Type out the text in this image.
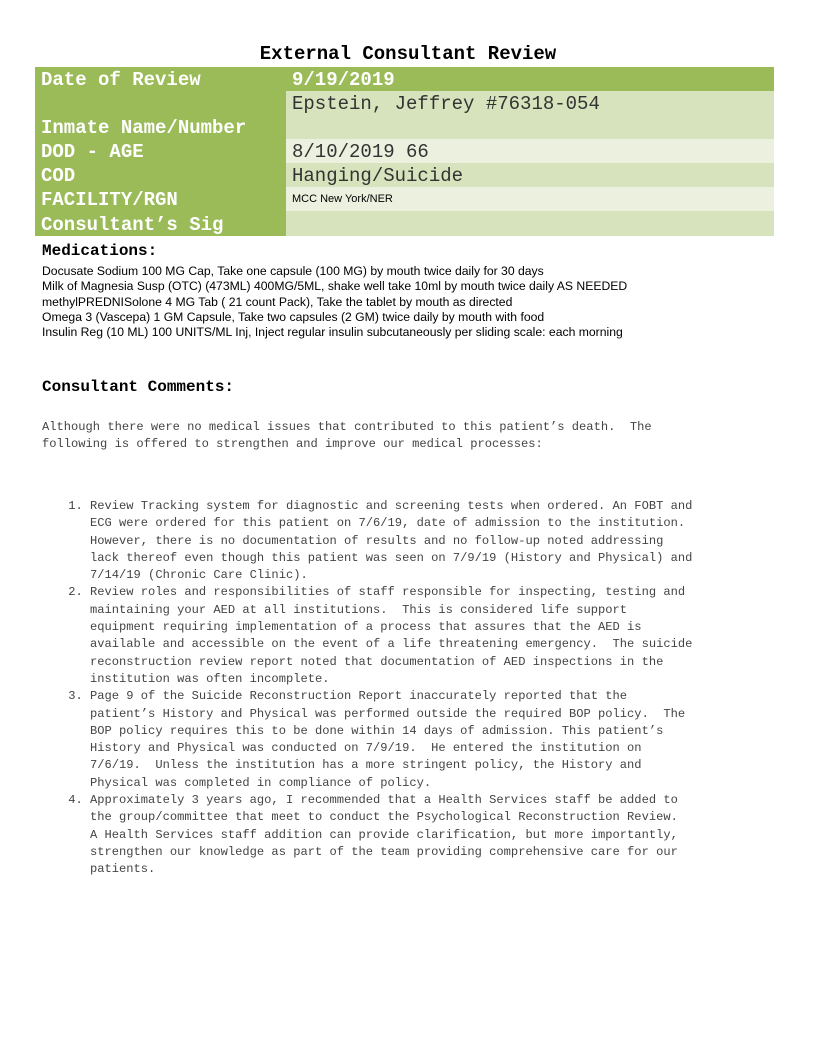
External Consultant Review
Date of Review	9/19/2019
Inmate Name/Number	Epstein, Jeffrey #76318-054
DOD - AGE	8/10/2019 66
COD	Hanging/Suicide
FACILITY/RGN	MCC New York/NER
Consultant’s Sig	
Medications:
Docusate Sodium 100 MG Cap, Take one capsule (100 MG) by mouth twice daily for 30 days
Milk of Magnesia Susp (OTC) (473ML) 400MG/5ML, shake well take 10ml by mouth twice daily AS NEEDED
methylPREDNISolone 4 MG Tab ( 21 count Pack), Take the tablet by mouth as directed
Omega 3 (Vascepa) 1 GM Capsule, Take two capsules (2 GM) twice daily by mouth with food
Insulin Reg (10 ML) 100 UNITS/ML Inj, Inject regular insulin subcutaneously per sliding scale: each morning
Consultant Comments:

Although there were no medical issues that contributed to this patient’s death.  The
following is offered to strengthen and improve our medical processes:

1. Review Tracking system for diagnostic and screening tests when ordered. An FOBT and
ECG were ordered for this patient on 7/6/19, date of admission to the institution.
However, there is no documentation of results and no follow-up noted addressing
lack thereof even though this patient was seen on 7/9/19 (History and Physical) and
7/14/19 (Chronic Care Clinic).
2. Review roles and responsibilities of staff responsible for inspecting, testing and
maintaining your AED at all institutions.  This is considered life support
equipment requiring implementation of a process that assures that the AED is
available and accessible on the event of a life threatening emergency.  The suicide
reconstruction review report noted that documentation of AED inspections in the
institution was often incomplete.
3. Page 9 of the Suicide Reconstruction Report inaccurately reported that the
patient’s History and Physical was performed outside the required BOP policy.  The
BOP policy requires this to be done within 14 days of admission. This patient’s
History and Physical was conducted on 7/9/19.  He entered the institution on
7/6/19.  Unless the institution has a more stringent policy, the History and
Physical was completed in compliance of policy.
4. Approximately 3 years ago, I recommended that a Health Services staff be added to
the group/committee that meet to conduct the Psychological Reconstruction Review.
A Health Services staff addition can provide clarification, but more importantly,
strengthen our knowledge as part of the team providing comprehensive care for our
patients.
